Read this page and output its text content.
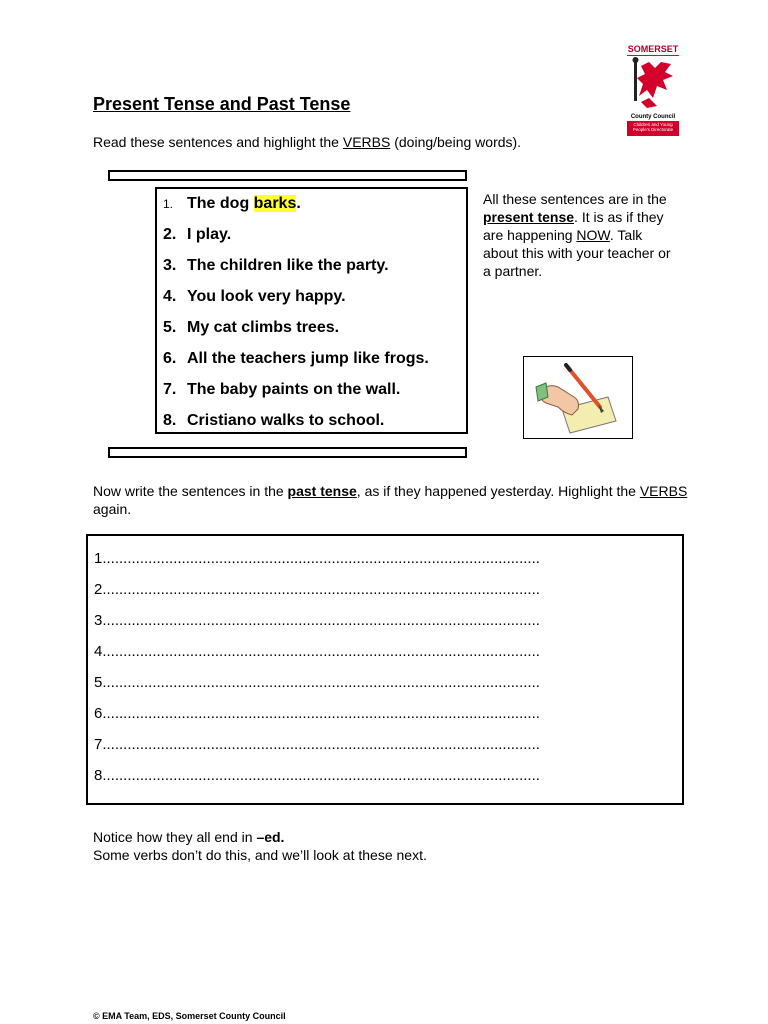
SOMERSET
County Council
Children and Young
People's Directorate
Present Tense and Past Tense
Read these sentences and highlight the VERBS (doing/being words).
1. The dog barks.
2. I play.
3. The children like the party.
4. You look very happy.
5. My cat climbs trees.
6. All the teachers jump like frogs.
7. The baby paints on the wall.
8. Cristiano walks to school.
All these sentences are in the present tense. It is as if they are happening NOW. Talk about this with your teacher or a partner.
Now write the sentences in the past tense, as if they happened yesterday. Highlight the VERBS again.
1.........................................................................................................
2.........................................................................................................
3.........................................................................................................
4.........................................................................................................
5.........................................................................................................
6.........................................................................................................
7.........................................................................................................
8.........................................................................................................
Notice how they all end in –ed.
Some verbs don’t do this, and we’ll look at these next.
© EMA Team, EDS, Somerset County Council
